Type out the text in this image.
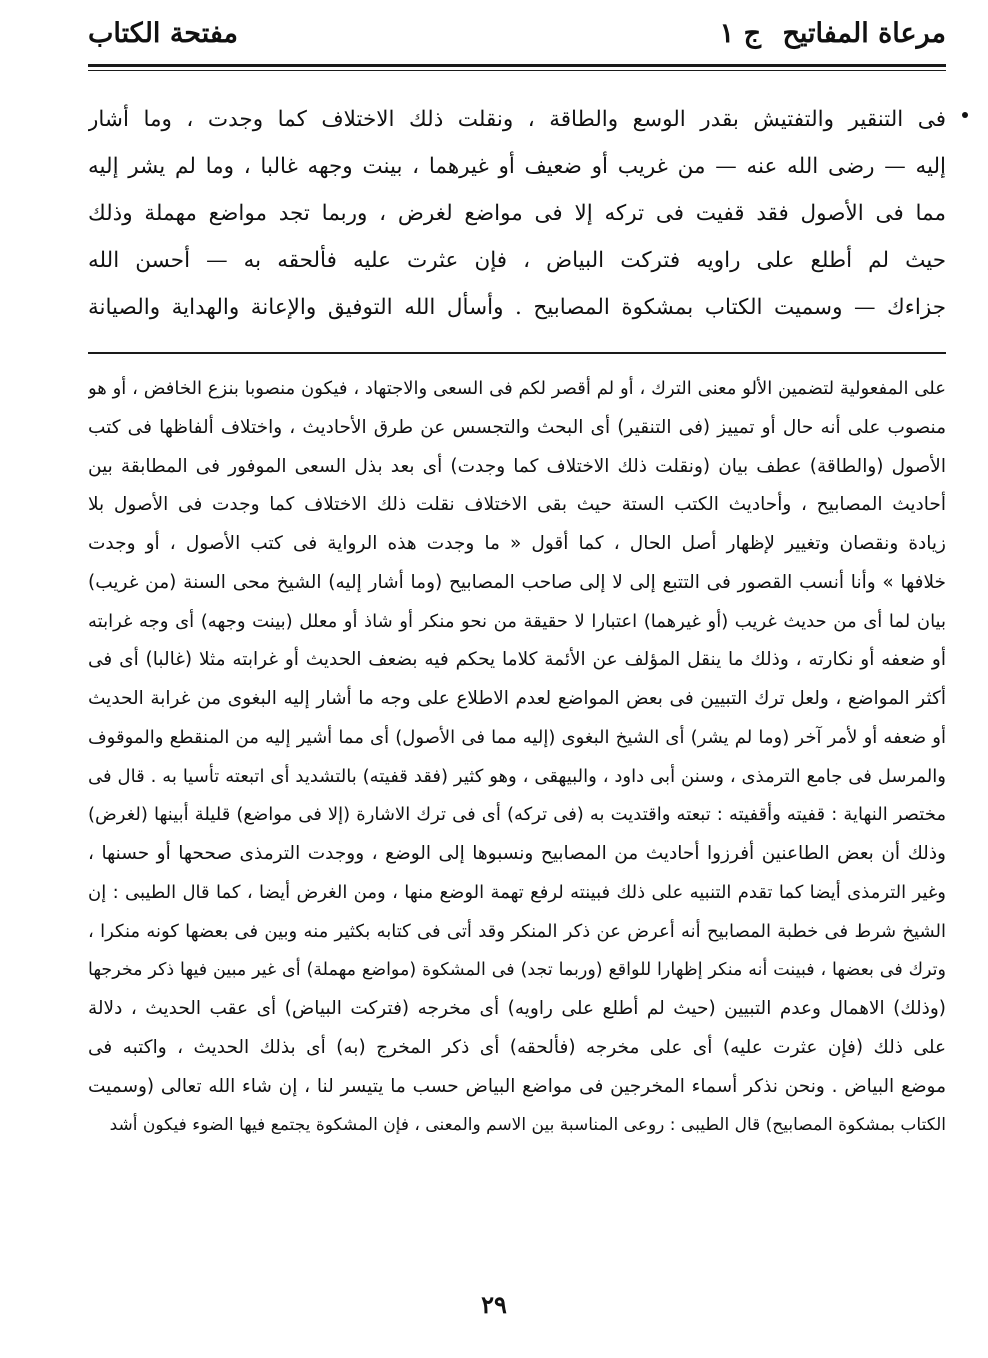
مرعاة المفاتيح ج ١
مفتحة الكتاب
فى التنقير والتفتيش بقدر الوسع والطاقة ، ونقلت ذلك الاختلاف كما وجدت ، وما أشار
إليه — رضى الله عنه — من غريب أو ضعيف أو غيرهما ، بينت وجهه غالبا ، وما لم يشر إليه
مما فى الأصول فقد قفيت فى تركه إلا فى مواضع لغرض ، وربما تجد مواضع مهملة وذلك
حيث لم أطلع على راويه فتركت البياض ، فإن عثرت عليه فألحقه به — أحسن الله
جزاءك — وسميت الكتاب بمشكوة المصابيح . وأسأل الله التوفيق والإعانة والهداية والصيانة
على المفعولية لتضمين الألو معنى الترك ، أو لم أقصر لكم فى السعى والاجتهاد ، فيكون منصوبا بنزع الخافض ، أو هو
منصوب على أنه حال أو تمييز (فى التنقير) أى البحث والتجسس عن طرق الأحاديث ، واختلاف ألفاظها فى كتب
الأصول (والطاقة) عطف بيان (ونقلت ذلك الاختلاف كما وجدت) أى بعد بذل السعى الموفور فى المطابقة بين
أحاديث المصابيح ، وأحاديث الكتب الستة حيث بقى الاختلاف نقلت ذلك الاختلاف كما وجدت فى الأصول بلا
زيادة ونقصان وتغيير لإظهار أصل الحال ، كما أقول « ما وجدت هذه الرواية فى كتب الأصول ، أو وجدت
خلافها » وأنا أنسب القصور فى التتبع إلى لا إلى صاحب المصابيح (وما أشار إليه) الشيخ محى السنة (من غريب)
بيان لما أى من حديث غريب (أو غيرهما) اعتبارا لا حقيقة من نحو منكر أو شاذ أو معلل (بينت وجهه) أى وجه غرابته
أو ضعفه أو نكارته ، وذلك ما ينقل المؤلف عن الأئمة كلاما يحكم فيه بضعف الحديث أو غرابته مثلا (غالبا) أى فى
أكثر المواضع ، ولعل ترك التبيين فى بعض المواضع لعدم الاطلاع على وجه ما أشار إليه البغوى من غرابة الحديث
أو ضعفه أو لأمر آخر (وما لم يشر) أى الشيخ البغوى (إليه مما فى الأصول) أى مما أشير إليه من المنقطع والموقوف
والمرسل فى جامع الترمذى ، وسنن أبى داود ، والبيهقى ، وهو كثير (فقد قفيته) بالتشديد أى اتبعته تأسيا به . قال فى
مختصر النهاية : قفيته وأقفيته : تبعته واقتديت به (فى تركه) أى فى ترك الاشارة (إلا فى مواضع) قليلة أبينها (لغرض)
وذلك أن بعض الطاعنين أفرزوا أحاديث من المصابيح ونسبوها إلى الوضع ، ووجدت الترمذى صححها أو حسنها ،
وغير الترمذى أيضا كما تقدم التنبيه على ذلك فبينته لرفع تهمة الوضع منها ، ومن الغرض أيضا ، كما قال الطيبى : إن
الشيخ شرط فى خطبة المصابيح أنه أعرض عن ذكر المنكر وقد أتى فى كتابه بكثير منه وبين فى بعضها كونه منكرا ،
وترك فى بعضها ، فبينت أنه منكر إظهارا للواقع (وربما تجد) فى المشكوة (مواضع مهملة) أى غير مبين فيها ذكر مخرجها
(وذلك) الاهمال وعدم التبيين (حيث لم أطلع على راويه) أى مخرجه (فتركت البياض) أى عقب الحديث ، دلالة
على ذلك (فإن عثرت عليه) أى على مخرجه (فألحقه) أى ذكر المخرج (به) أى بذلك الحديث ، واكتبه فى
موضع البياض . ونحن نذكر أسماء المخرجين فى مواضع البياض حسب ما يتيسر لنا ، إن شاء الله تعالى (وسميت
الكتاب بمشكوة المصابيح) قال الطيبى : روعى المناسبة بين الاسم والمعنى ، فإن المشكوة يجتمع فيها الضوء فيكون أشد
٢٩
